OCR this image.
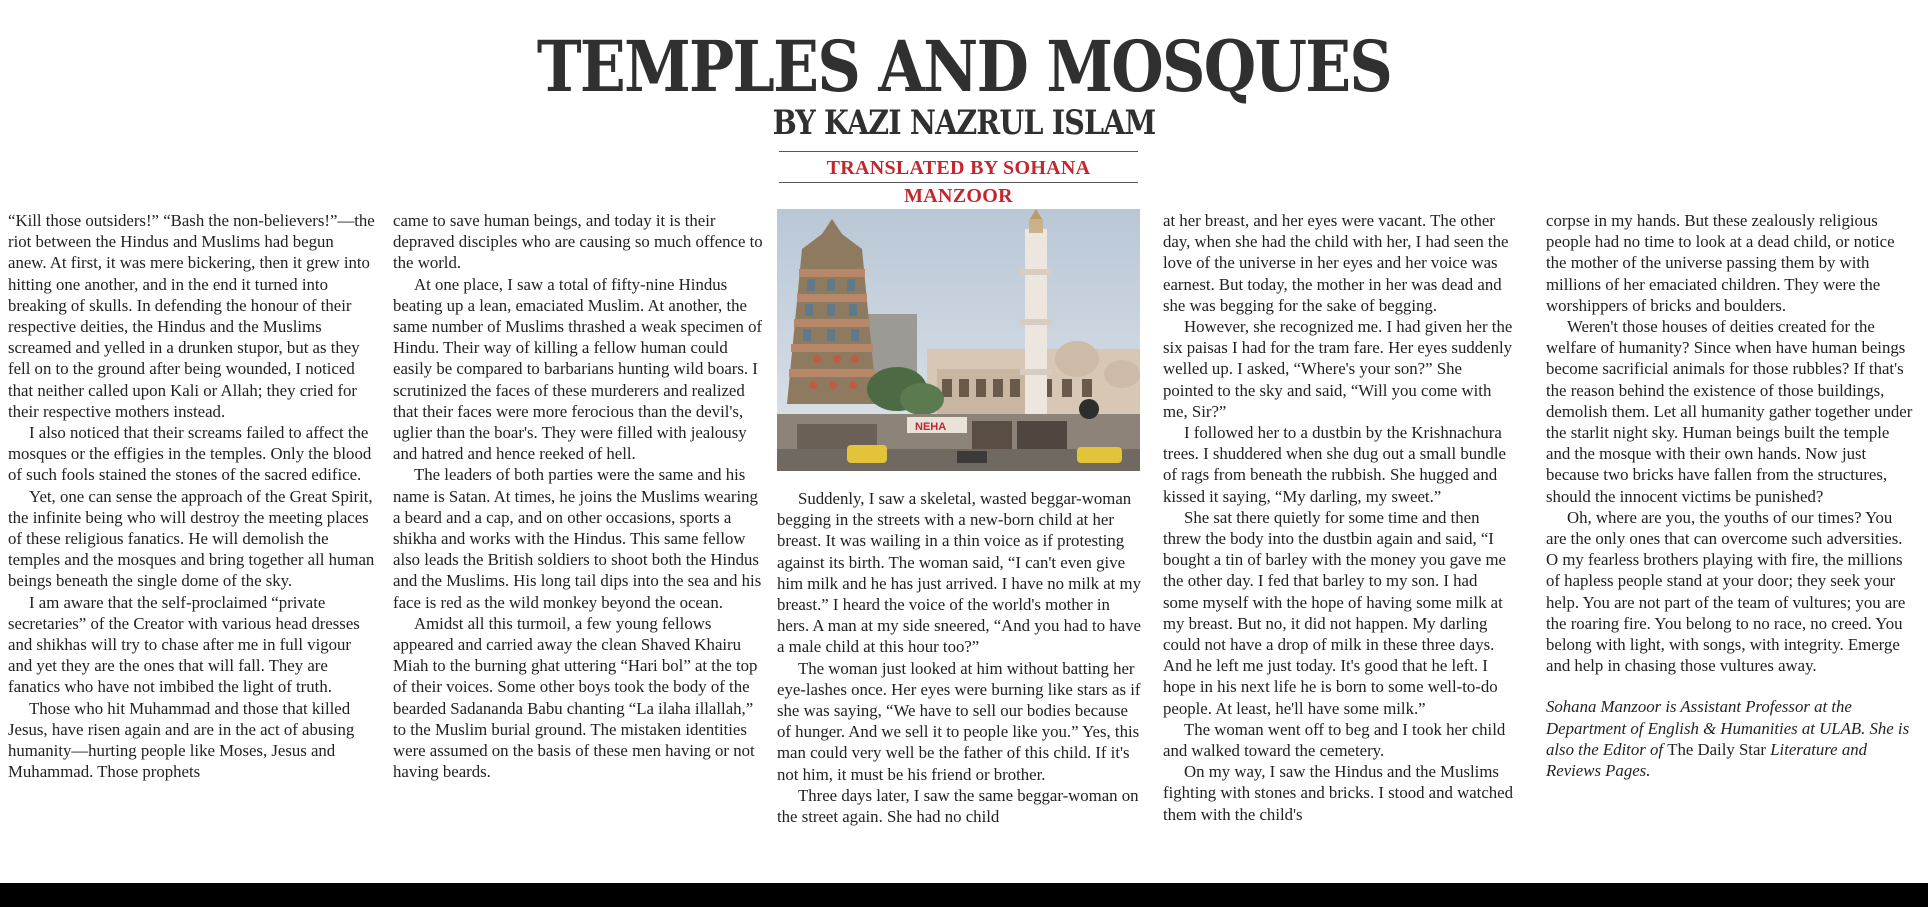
TEMPLES AND MOSQUES
BY KAZI NAZRUL ISLAM
TRANSLATED BY SOHANA MANZOOR

“Kill those outsiders!” “Bash the non-believers!”—the riot between the Hindus and Muslims had begun anew. At first, it was mere bickering, then it grew into hitting one another, and in the end it turned into breaking of skulls. In defending the honour of their respective deities, the Hindus and the Muslims screamed and yelled in a drunken stupor, but as they fell on to the ground after being wounded, I noticed that neither called upon Kali or Allah; they cried for their respective mothers instead.

I also noticed that their screams failed to affect the mosques or the effigies in the temples. Only the blood of such fools stained the stones of the sacred edifice.

Yet, one can sense the approach of the Great Spirit, the infinite being who will destroy the meeting places of these religious fanatics. He will demolish the temples and the mosques and bring together all human beings beneath the single dome of the sky.

I am aware that the self-proclaimed “private secretaries” of the Creator with various head dresses and shikhas will try to chase after me in full vigour and yet they are the ones that will fall. They are fanatics who have not imbibed the light of truth.

Those who hit Muhammad and those that killed Jesus, have risen again and are in the act of abusing humanity—hurting people like Moses, Jesus and Muhammad. Those prophets

came to save human beings, and today it is their depraved disciples who are causing so much offence to the world.

At one place, I saw a total of fifty-nine Hindus beating up a lean, emaciated Muslim. At another, the same number of Muslims thrashed a weak specimen of Hindu. Their way of killing a fellow human could easily be compared to barbarians hunting wild boars. I scrutinized the faces of these murderers and realized that their faces were more ferocious than the devil's, uglier than the boar's. They were filled with jealousy and hatred and hence reeked of hell.

The leaders of both parties were the same and his name is Satan. At times, he joins the Muslims wearing a beard and a cap, and on other occasions, sports a shikha and works with the Hindus. This same fellow also leads the British soldiers to shoot both the Hindus and the Muslims. His long tail dips into the sea and his face is red as the wild monkey beyond the ocean.

Amidst all this turmoil, a few young fellows appeared and carried away the clean Shaved Khairu Miah to the burning ghat uttering “Hari bol” at the top of their voices. Some other boys took the body of the bearded Sadananda Babu chanting “La ilaha illallah,” to the Muslim burial ground. The mistaken identities were assumed on the basis of these men having or not having beards.

NEHA

Suddenly, I saw a skeletal, wasted beggar-woman begging in the streets with a new-born child at her breast. It was wailing in a thin voice as if protesting against its birth. The woman said, “I can't even give him milk and he has just arrived. I have no milk at my breast.” I heard the voice of the world's mother in hers. A man at my side sneered, “And you had to have a male child at this hour too?”

The woman just looked at him without batting her eye-lashes once. Her eyes were burning like stars as if she was saying, “We have to sell our bodies because of hunger. And we sell it to people like you.” Yes, this man could very well be the father of this child. If it's not him, it must be his friend or brother.

Three days later, I saw the same beggar-woman on the street again. She had no child

at her breast, and her eyes were vacant. The other day, when she had the child with her, I had seen the love of the universe in her eyes and her voice was earnest. But today, the mother in her was dead and she was begging for the sake of begging.

However, she recognized me. I had given her the six paisas I had for the tram fare. Her eyes suddenly welled up. I asked, “Where's your son?” She pointed to the sky and said, “Will you come with me, Sir?”

I followed her to a dustbin by the Krishnachura trees. I shuddered when she dug out a small bundle of rags from beneath the rubbish. She hugged and kissed it saying, “My darling, my sweet.”

She sat there quietly for some time and then threw the body into the dustbin again and said, “I bought a tin of barley with the money you gave me the other day. I fed that barley to my son. I had some myself with the hope of having some milk at my breast. But no, it did not happen. My darling could not have a drop of milk in these three days. And he left me just today. It's good that he left. I hope in his next life he is born to some well-to-do people. At least, he'll have some milk.”

The woman went off to beg and I took her child and walked toward the cemetery.

On my way, I saw the Hindus and the Muslims fighting with stones and bricks. I stood and watched them with the child's

corpse in my hands. But these zealously religious people had no time to look at a dead child, or notice the mother of the universe passing them by with millions of her emaciated children. They were the worshippers of bricks and boulders.

Weren't those houses of deities created for the welfare of humanity? Since when have human beings become sacrificial animals for those rubbles? If that's the reason behind the existence of those buildings, demolish them. Let all humanity gather together under the starlit night sky. Human beings built the temple and the mosque with their own hands. Now just because two bricks have fallen from the structures, should the innocent victims be punished?

Oh, where are you, the youths of our times? You are the only ones that can overcome such adversities. O my fearless brothers playing with fire, the millions of hapless people stand at your door; they seek your help. You are not part of the team of vultures; you are the roaring fire. You belong to no race, no creed. You belong with light, with songs, with integrity. Emerge and help in chasing those vultures away.

Sohana Manzoor is Assistant Professor at the Department of English & Humanities at ULAB. She is also the Editor of The Daily Star Literature and Reviews Pages.
